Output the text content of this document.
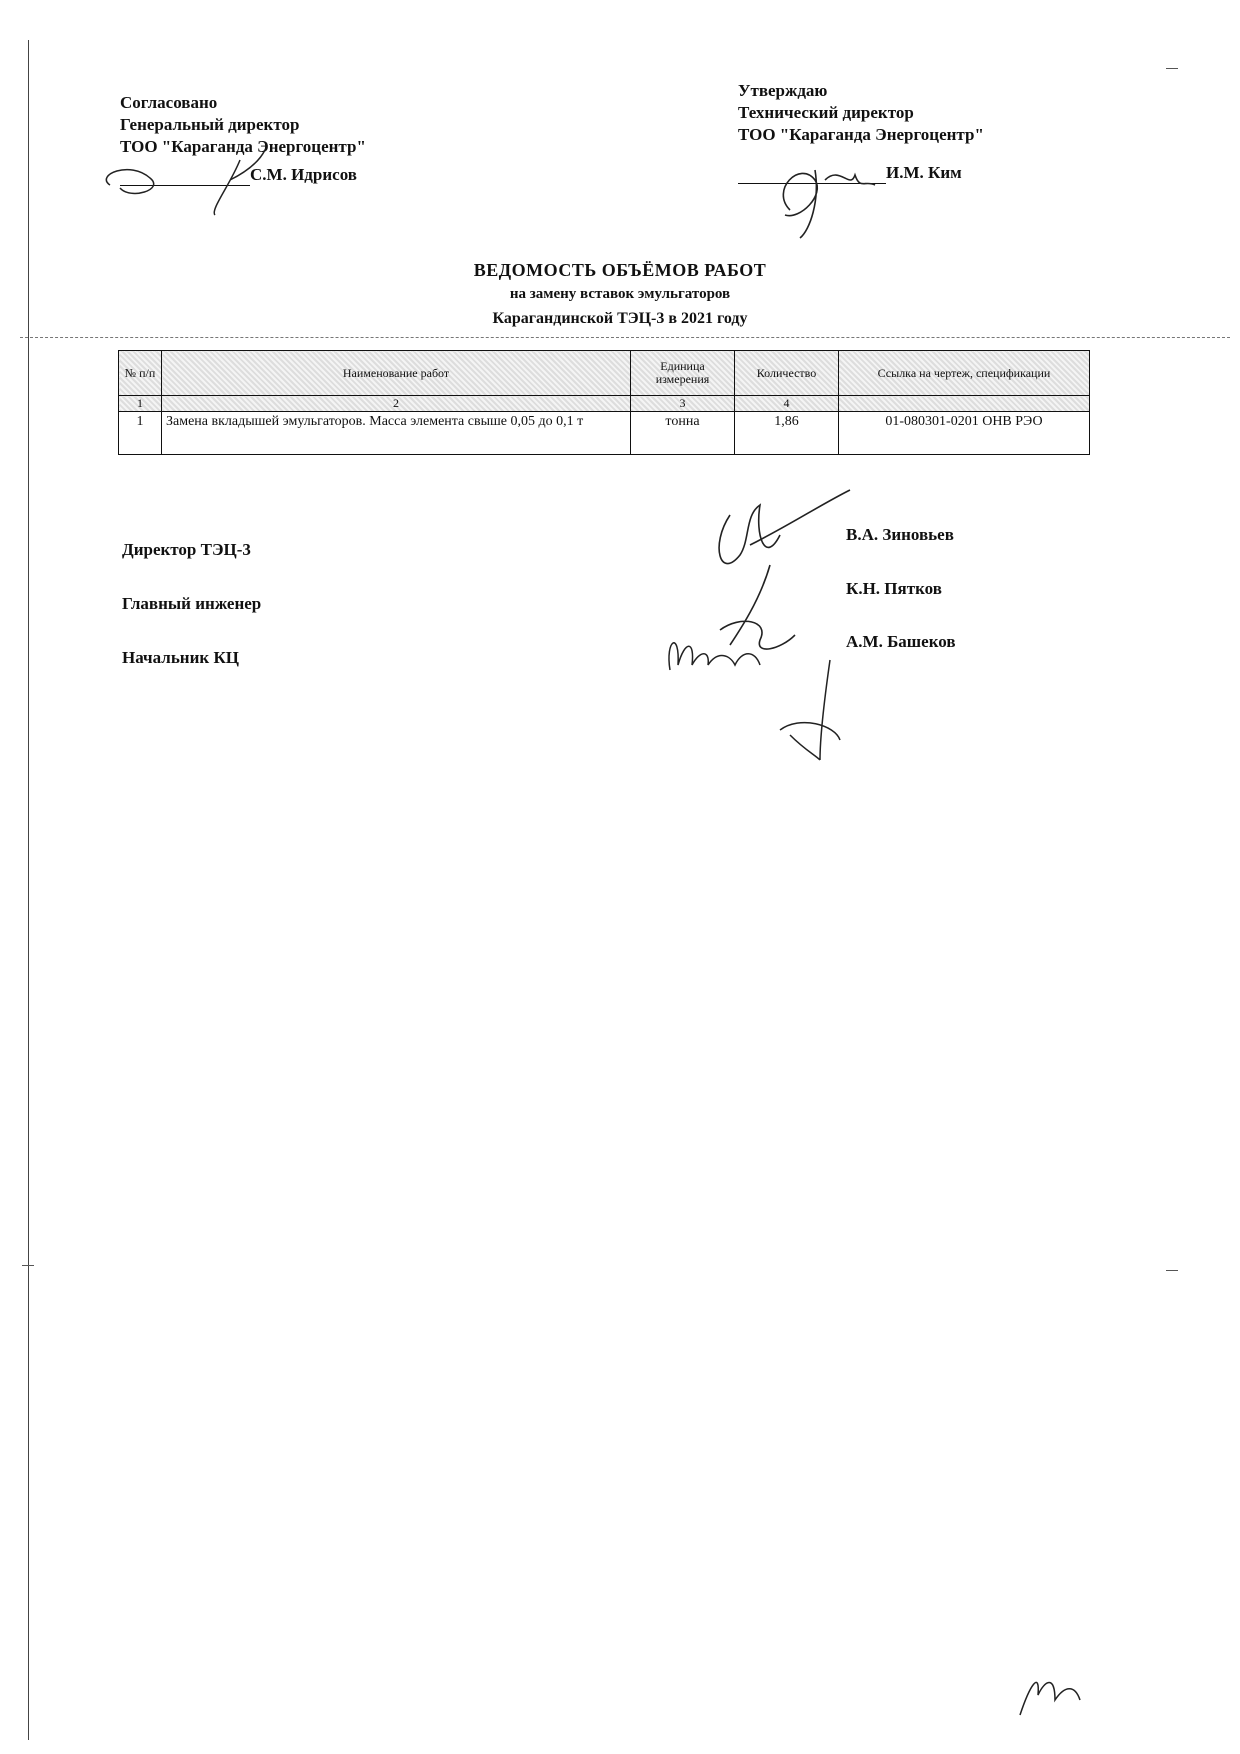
Согласовано
Генеральный директор
ТОО "Караганда Энергоцентр"
С.М. Идрисов
Утверждаю
Технический директор
ТОО "Караганда Энергоцентр"
И.М. Ким
ВЕДОМОСТЬ ОБЪЁМОВ РАБОТ
на замену вставок эмульгаторов
Карагандинской ТЭЦ-3 в 2021 году
№ п/п	Наименование работ	Единица измерения	Количество	Ссылка на чертеж, спецификации
1	2	3	4	
1	Замена вкладышей эмульгаторов. Масса элемента свыше 0,05 до 0,1 т	тонна	1,86	01-080301-0201 ОНВ РЭО
Директор ТЭЦ-3
Главный инженер
Начальник КЦ
В.А. Зиновьев
К.Н. Пятков
А.М. Башеков
